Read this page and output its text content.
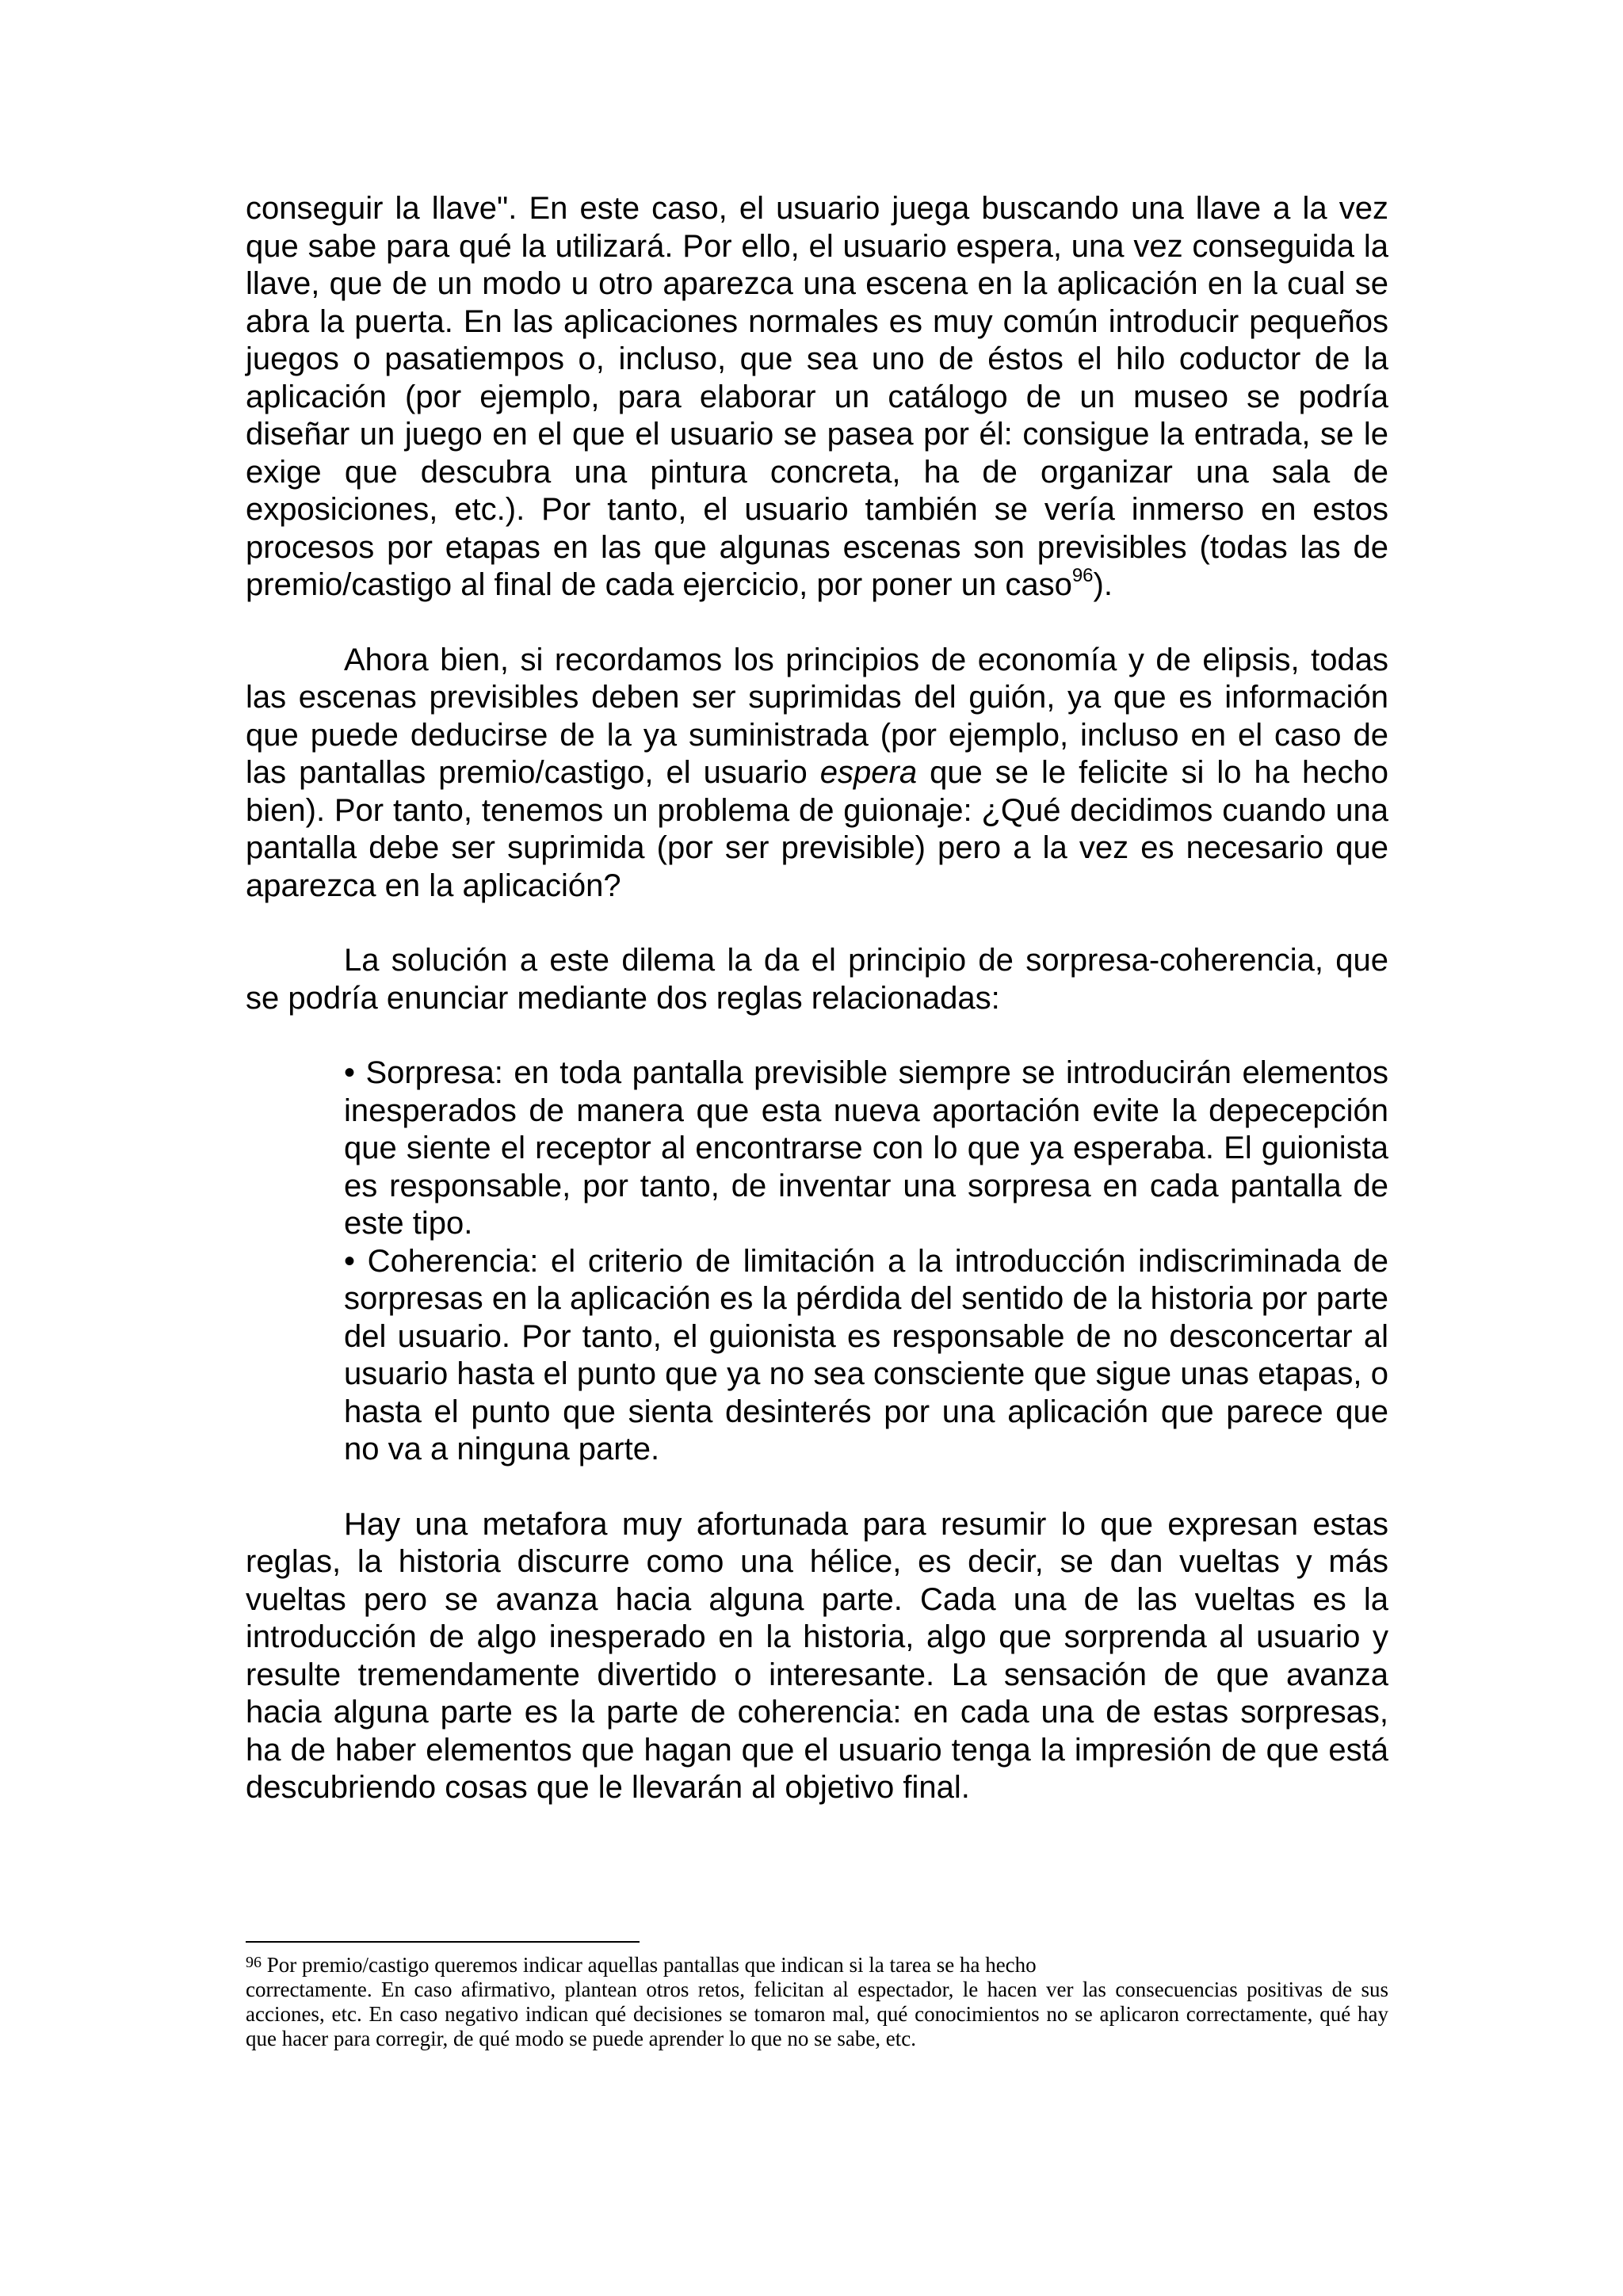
conseguir la llave". En este caso, el usuario juega buscando una llave a la vez que sabe para qué la utilizará. Por ello, el usuario espera, una vez conseguida la llave, que de un modo u otro aparezca una escena en la aplicación en la cual se abra la puerta. En las aplicaciones normales es muy común introducir pequeños juegos o pasatiempos o, incluso, que sea uno de éstos el hilo coductor de la aplicación (por ejemplo, para elaborar un catálogo de un museo se podría diseñar un juego en el que el usuario se pasea por él: consigue la entrada, se le exige que descubra una pintura concreta, ha de organizar una sala de exposiciones, etc.). Por tanto, el usuario también se vería inmerso en estos procesos por etapas en las que algunas escenas son previsibles (todas las de premio/castigo al final de cada ejercicio, por poner un caso$^{96}$).

Ahora bien, si recordamos los principios de economía y de elipsis, todas las escenas previsibles deben ser suprimidas del guión, ya que es información que puede deducirse de la ya suministrada (por ejemplo, incluso en el caso de las pantallas premio/castigo, el usuario espera que se le felicite si lo ha hecho bien). Por tanto, tenemos un problema de guionaje: ¿Qué decidimos cuando una pantalla debe ser suprimida (por ser previsible) pero a la vez es necesario que aparezca en la aplicación?

La solución a este dilema la da el principio de sorpresa-coherencia, que se podría enunciar mediante dos reglas relacionadas:

• Sorpresa: en toda pantalla previsible siempre se introducirán elementos inesperados de manera que esta nueva aportación evite la depecepción que siente el receptor al encontrarse con lo que ya esperaba. El guionista es responsable, por tanto, de inventar una sorpresa en cada pantalla de este tipo.

• Coherencia: el criterio de limitación a la introducción indiscriminada de sorpresas en la aplicación es la pérdida del sentido de la historia por parte del usuario. Por tanto, el guionista es responsable de no desconcertar al usuario hasta el punto que ya no sea consciente que sigue unas etapas, o hasta el punto que sienta desinterés por una aplicación que parece que no va a ninguna parte.

Hay una metafora muy afortunada para resumir lo que expresan estas reglas, la historia discurre como una hélice, es decir, se dan vueltas y más vueltas pero se avanza hacia alguna parte. Cada una de las vueltas es la introducción de algo inesperado en la historia, algo que sorprenda al usuario y resulte tremendamente divertido o interesante. La sensación de que avanza hacia alguna parte es la parte de coherencia: en cada una de estas sorpresas, ha de haber elementos que hagan que el usuario tenga la impresión de que está descubriendo cosas que le llevarán al objetivo final.

$^{96}$ Por premio/castigo queremos indicar aquellas pantallas que indican si la tarea se ha hecho
correctamente. En caso afirmativo, plantean otros retos, felicitan al espectador, le hacen ver las consecuencias positivas de sus acciones, etc. En caso negativo indican qué decisiones se tomaron mal, qué conocimientos no se aplicaron correctamente, qué hay que hacer para corregir, de qué modo se puede aprender lo que no se sabe, etc.
